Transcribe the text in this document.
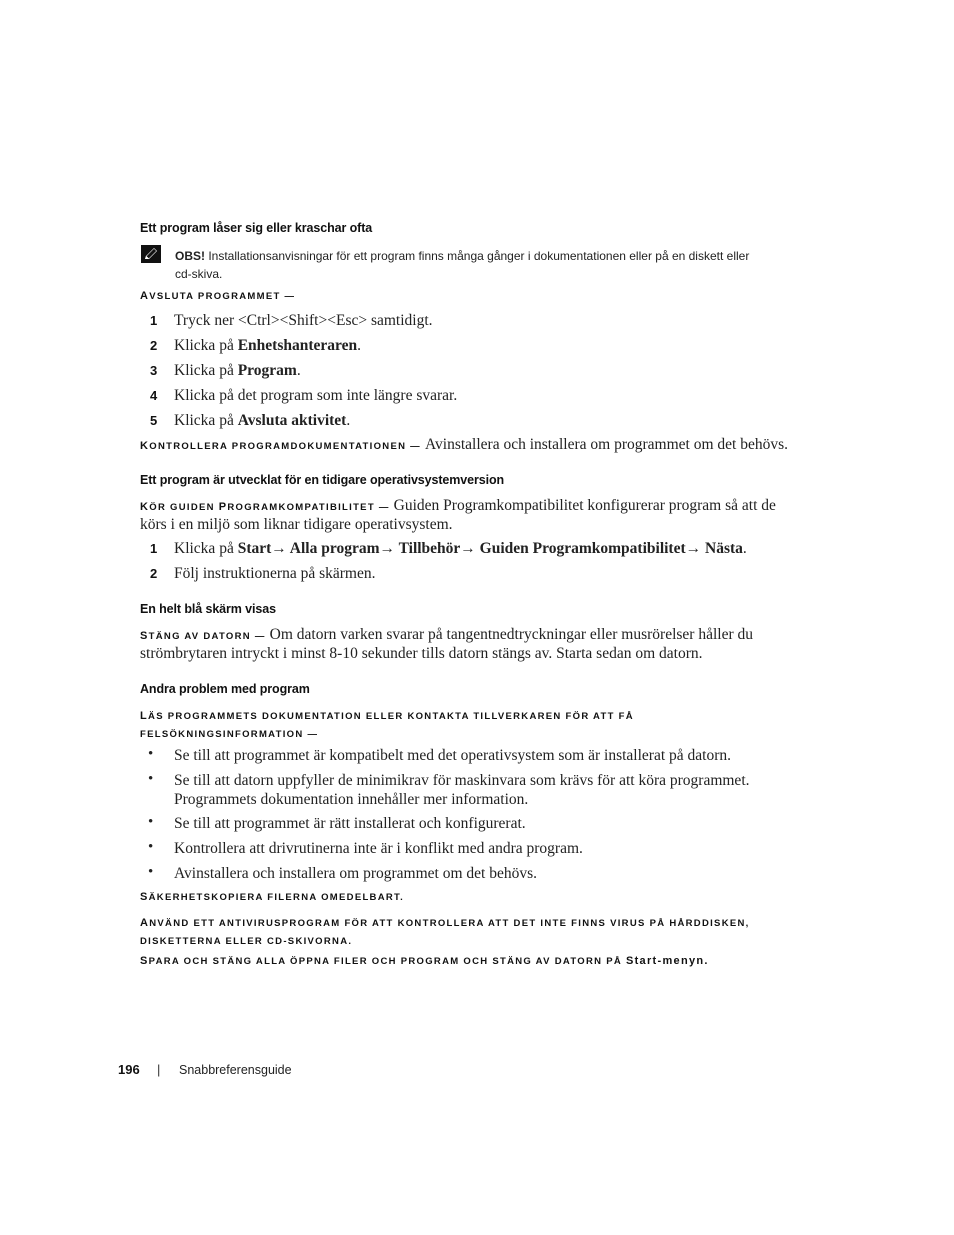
Ett program låser sig eller kraschar ofta
OBS! Installationsanvisningar för ett program finns många gånger i dokumentationen eller på en diskett eller
cd-skiva.
AVSLUTA PROGRAMMET —
1 Tryck ner <Ctrl><Shift><Esc> samtidigt.
2 Klicka på Enhetshanteraren.
3 Klicka på Program.
4 Klicka på det program som inte längre svarar.
5 Klicka på Avsluta aktivitet.
KONTROLLERA PROGRAMDOKUMENTATIONEN — Avinstallera och installera om programmet om det behövs.
Ett program är utvecklat för en tidigare operativsystemversion
KÖR GUIDEN PROGRAMKOMPATIBILITET — Guiden Programkompatibilitet konfigurerar program så att de
körs i en miljö som liknar tidigare operativsystem.
1 Klicka på Start→ Alla program→ Tillbehör→ Guiden Programkompatibilitet→ Nästa.
2 Följ instruktionerna på skärmen.
En helt blå skärm visas
STÄNG AV DATORN — Om datorn varken svarar på tangentnedtryckningar eller musrörelser håller du
strömbrytaren intryckt i minst 8-10 sekunder tills datorn stängs av. Starta sedan om datorn.
Andra problem med program
LÄS PROGRAMMETS DOKUMENTATION ELLER KONTAKTA TILLVERKAREN FÖR ATT FÅ
FELSÖKNINGSINFORMATION —
• Se till att programmet är kompatibelt med det operativsystem som är installerat på datorn.
• Se till att datorn uppfyller de minimikrav för maskinvara som krävs för att köra programmet.
Programmets dokumentation innehåller mer information.
• Se till att programmet är rätt installerat och konfigurerat.
• Kontrollera att drivrutinerna inte är i konflikt med andra program.
• Avinstallera och installera om programmet om det behövs.
SÄKERHETSKOPIERA FILERNA OMEDELBART.
ANVÄND ETT ANTIVIRUSPROGRAM FÖR ATT KONTROLLERA ATT DET INTE FINNS VIRUS PÅ HÅRDDISKEN,
DISKETTERNA ELLER CD-SKIVORNA.
SPARA OCH STÄNG ALLA ÖPPNA FILER OCH PROGRAM OCH STÄNG AV DATORN PÅ Start-menyn.
196 | Snabbreferensguide
